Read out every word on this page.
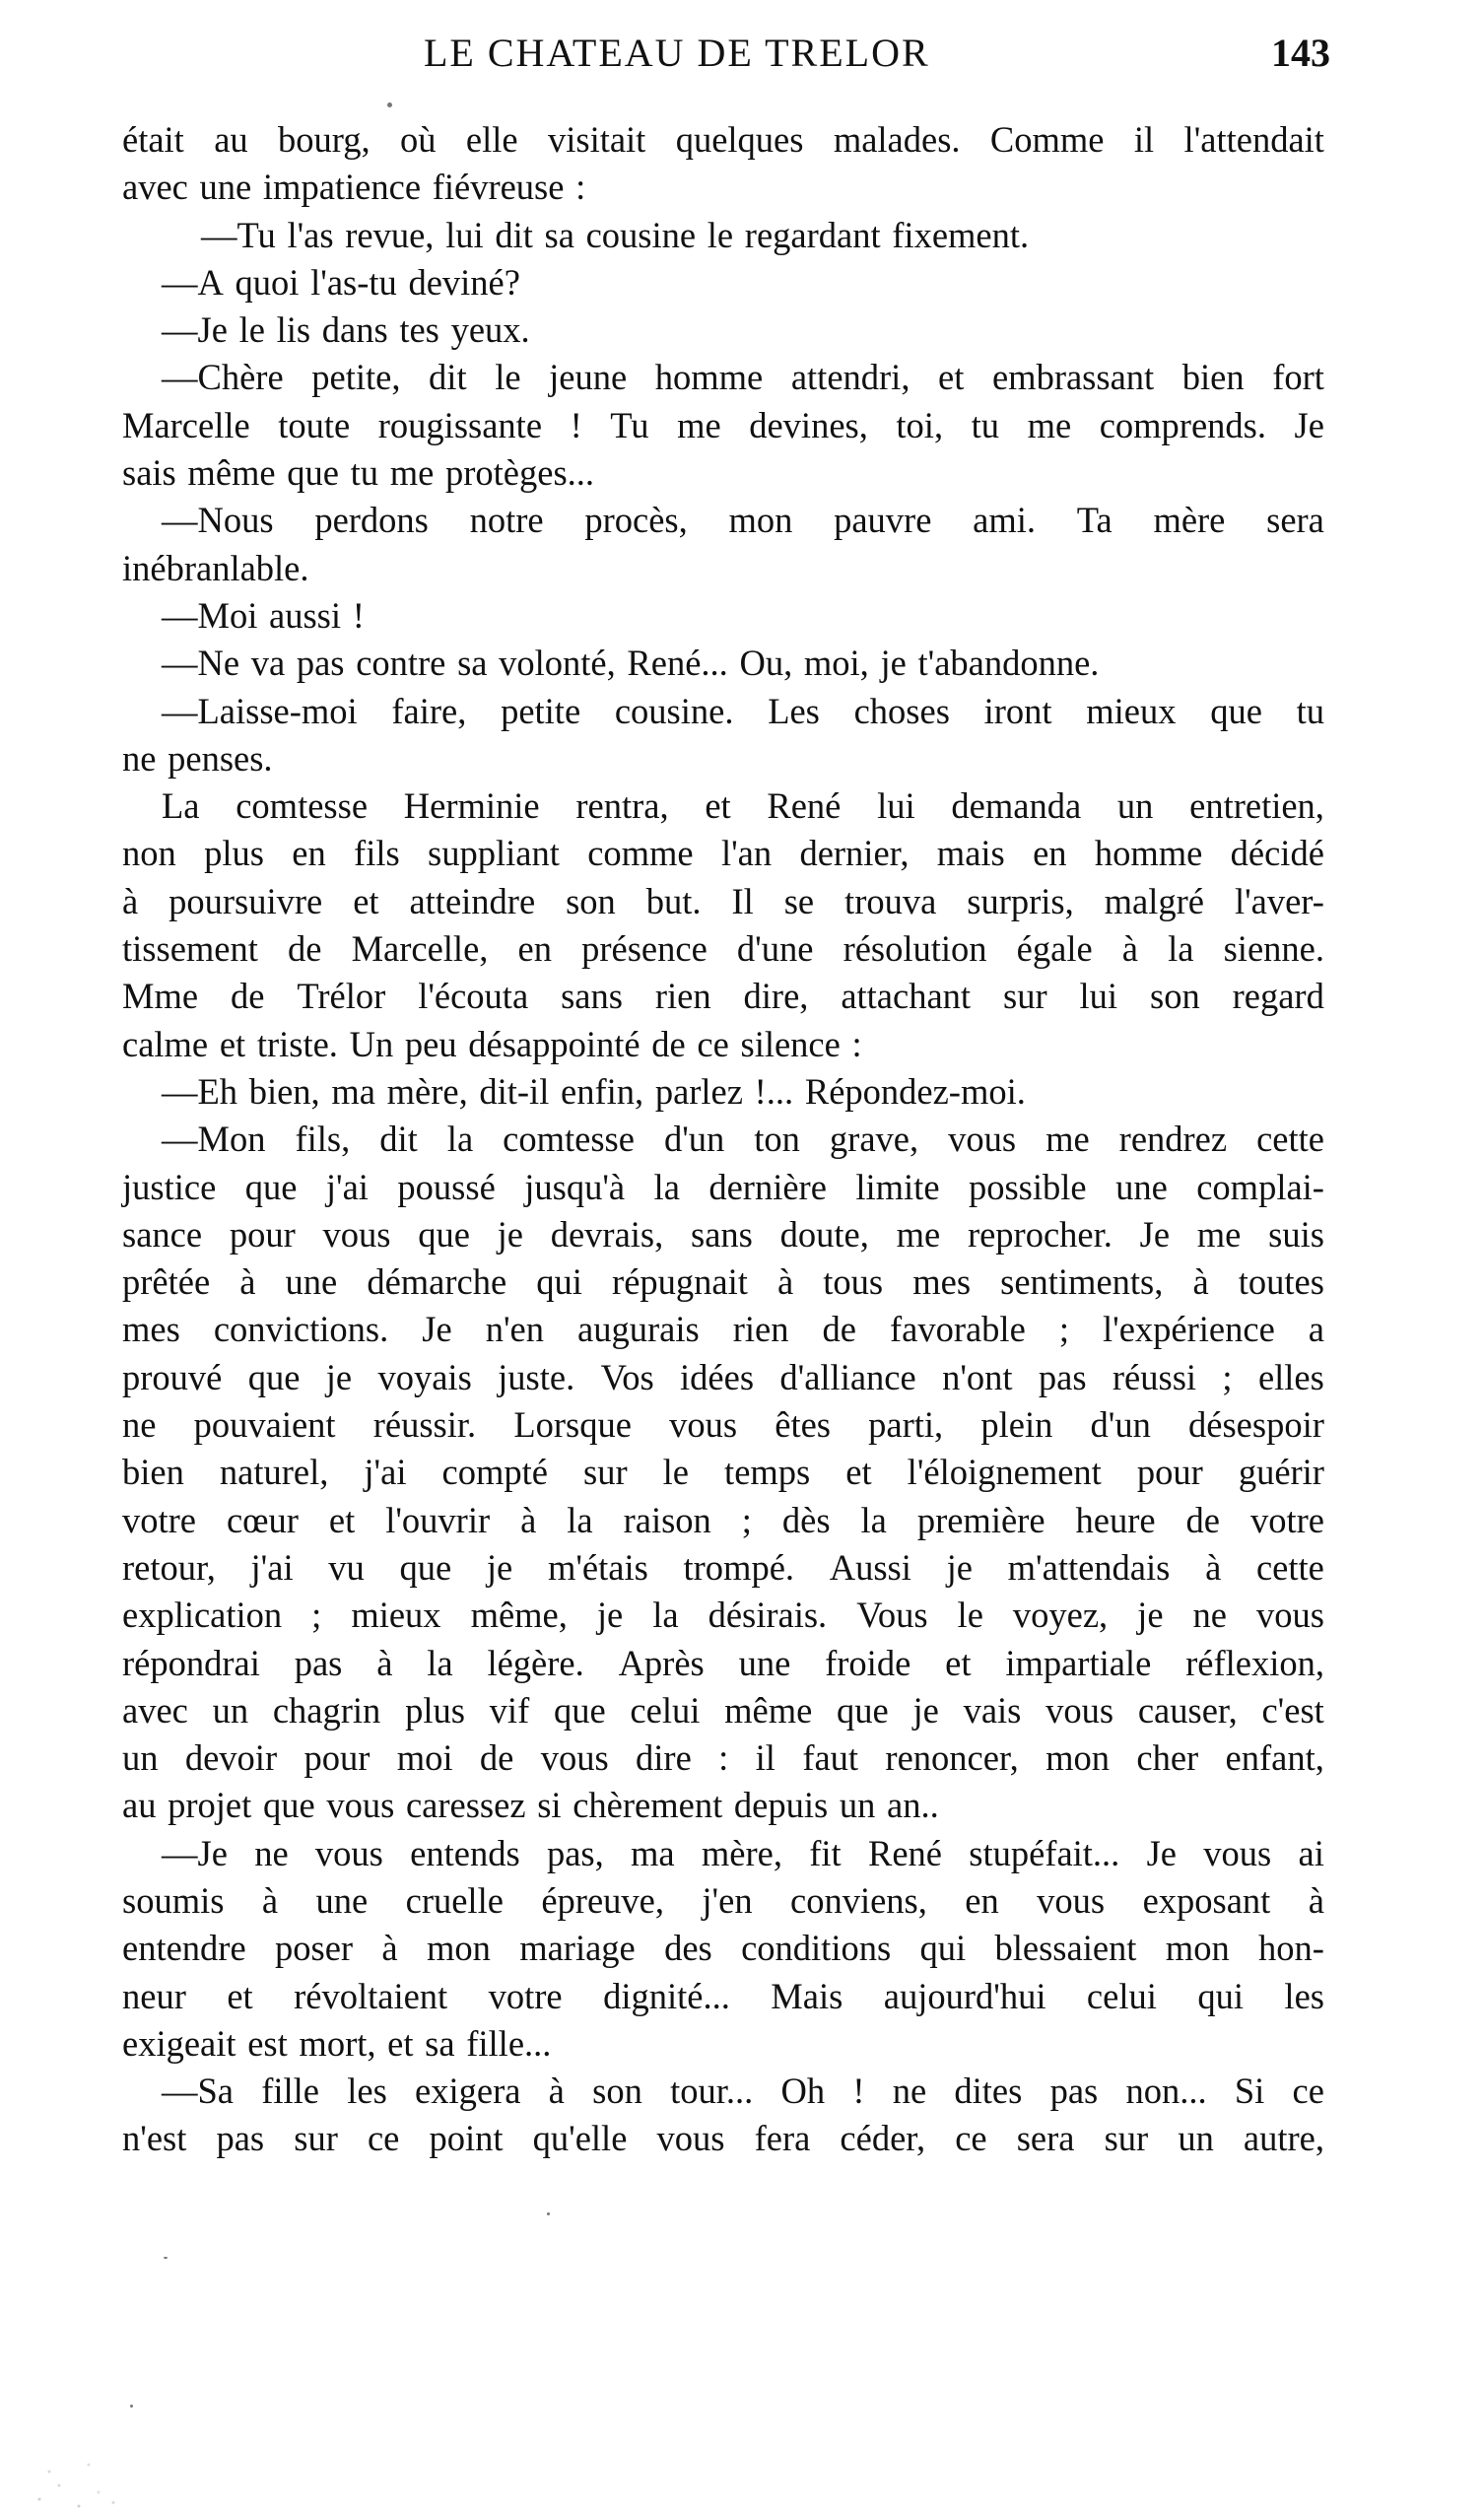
LE CHATEAU DE TRELOR	143
était au bourg, où elle visitait quelques malades. Comme il l'attendait
avec une impatience fiévreuse :
—Tu l'as revue, lui dit sa cousine le regardant fixement.
—A quoi l'as-tu deviné?
—Je le lis dans tes yeux.
—Chère petite, dit le jeune homme attendri, et embrassant bien fort
Marcelle toute rougissante ! Tu me devines, toi, tu me comprends. Je
sais même que tu me protèges...
—Nous perdons notre procès, mon pauvre ami. Ta mère sera
inébranlable.
—Moi aussi !
—Ne va pas contre sa volonté, René... Ou, moi, je t'abandonne.
—Laisse-moi faire, petite cousine. Les choses iront mieux que tu
ne penses.
La comtesse Herminie rentra, et René lui demanda un entretien,
non plus en fils suppliant comme l'an dernier, mais en homme décidé
à poursuivre et atteindre son but. Il se trouva surpris, malgré l'aver-
tissement de Marcelle, en présence d'une résolution égale à la sienne.
Mme de Trélor l'écouta sans rien dire, attachant sur lui son regard
calme et triste. Un peu désappointé de ce silence :
—Eh bien, ma mère, dit-il enfin, parlez !... Répondez-moi.
—Mon fils, dit la comtesse d'un ton grave, vous me rendrez cette
justice que j'ai poussé jusqu'à la dernière limite possible une complai-
sance pour vous que je devrais, sans doute, me reprocher. Je me suis
prêtée à une démarche qui répugnait à tous mes sentiments, à toutes
mes convictions. Je n'en augurais rien de favorable ; l'expérience a
prouvé que je voyais juste. Vos idées d'alliance n'ont pas réussi ; elles
ne pouvaient réussir. Lorsque vous êtes parti, plein d'un désespoir
bien naturel, j'ai compté sur le temps et l'éloignement pour guérir
votre cœur et l'ouvrir à la raison ; dès la première heure de votre
retour, j'ai vu que je m'étais trompé. Aussi je m'attendais à cette
explication ; mieux même, je la désirais. Vous le voyez, je ne vous
répondrai pas à la légère. Après une froide et impartiale réflexion,
avec un chagrin plus vif que celui même que je vais vous causer, c'est
un devoir pour moi de vous dire : il faut renoncer, mon cher enfant,
au projet que vous caressez si chèrement depuis un an..
—Je ne vous entends pas, ma mère, fit René stupéfait... Je vous ai
soumis à une cruelle épreuve, j'en conviens, en vous exposant à
entendre poser à mon mariage des conditions qui blessaient mon hon-
neur et révoltaient votre dignité... Mais aujourd'hui celui qui les
exigeait est mort, et sa fille...
—Sa fille les exigera à son tour... Oh ! ne dites pas non... Si ce
n'est pas sur ce point qu'elle vous fera céder, ce sera sur un autre,
